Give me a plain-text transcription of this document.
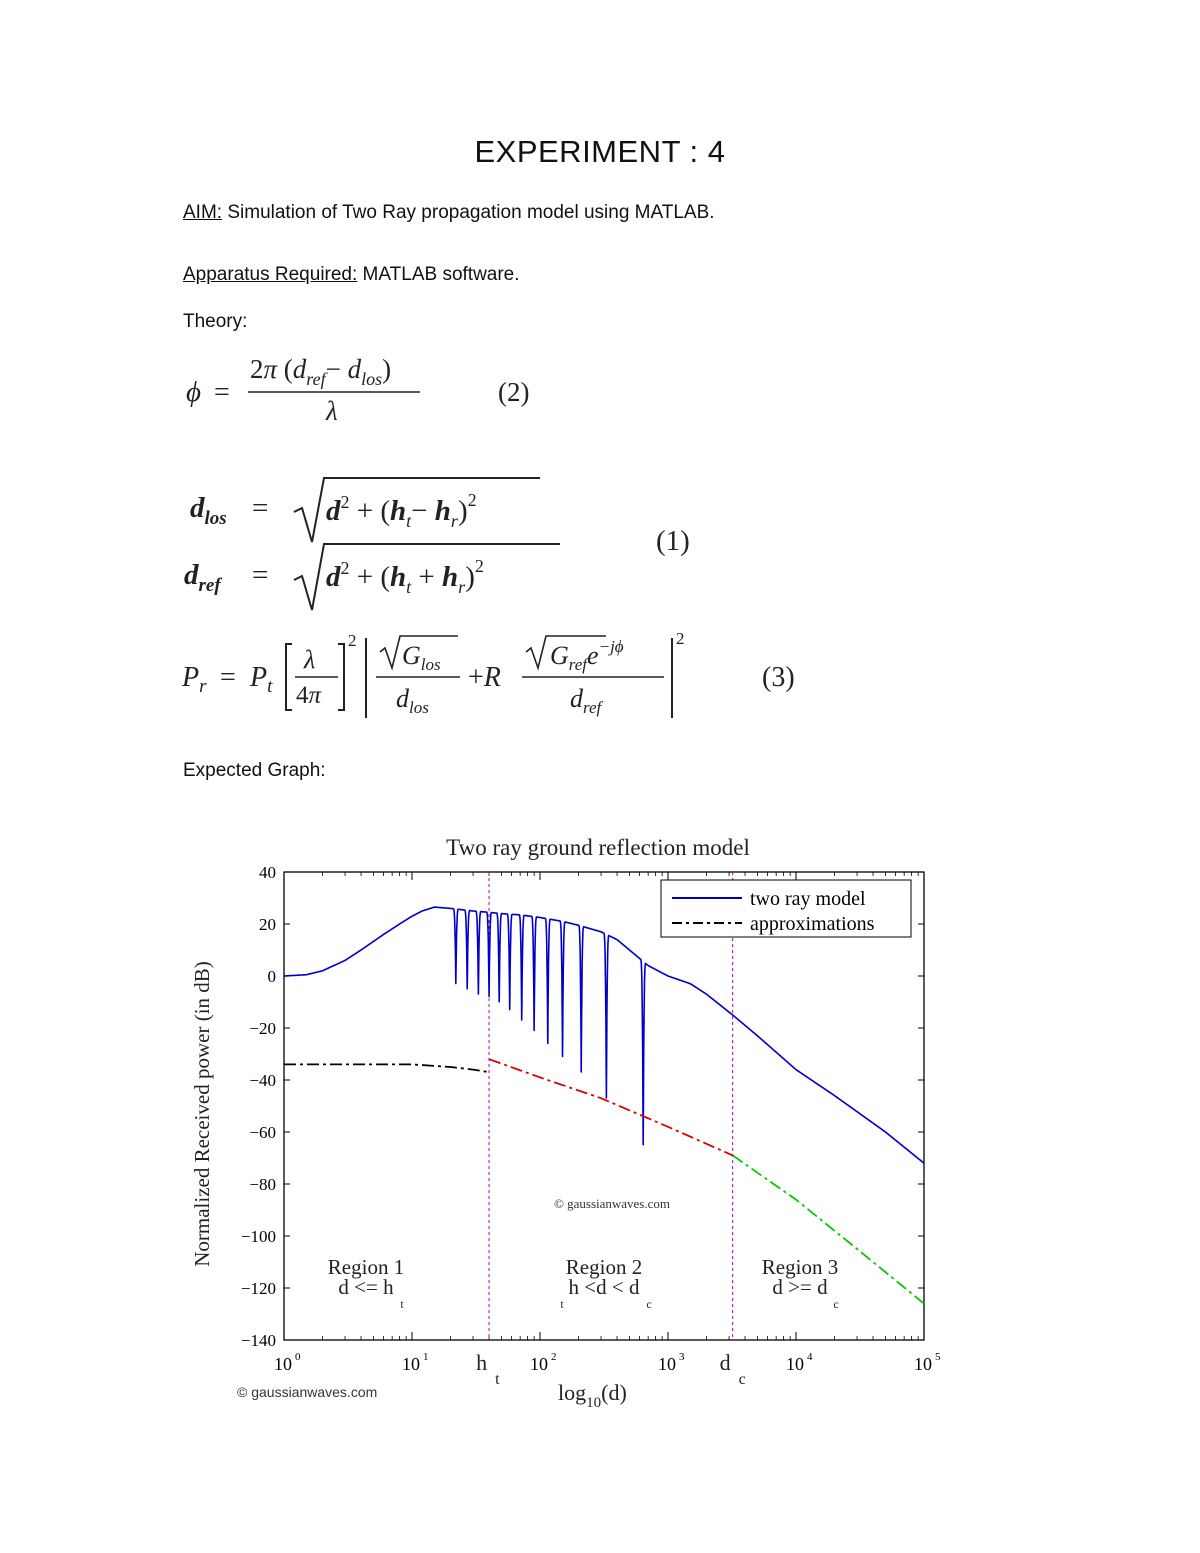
EXPERIMENT : 4
AIM: Simulation of Two Ray propagation model using MATLAB.
Apparatus Required: MATLAB software.
Theory:
ϕ =
2π $(d_{ref}- d_{los})$
λ
(2)
$d_{los} = d^2 + (h_t- h_r)^2$
$d_{ref} = d^2 + (h_t + h_r)^2$
(1)
$P_r = P_t$
λ
4π
2
$G_{los}$
$d_{los}$
+R
$G_{ref}e^{-j\phi}$
$d_{ref}$
2
(3)
Expected Graph:
Two ray ground reflection model
40
20
0
−20
−40
−60
−80
−100
−120
−140
10 0	10 1	10 2	10 3	10 4	10 5
$\log_{10}(d)$
h
t
d
c
two ray model
approximations
© gaussianwaves.com
Region 1
d <= h
t
Region 2
h <d < d
t	c
Region 3
d >= d
c
Normalized Received power (in dB)
© gaussianwaves.com
